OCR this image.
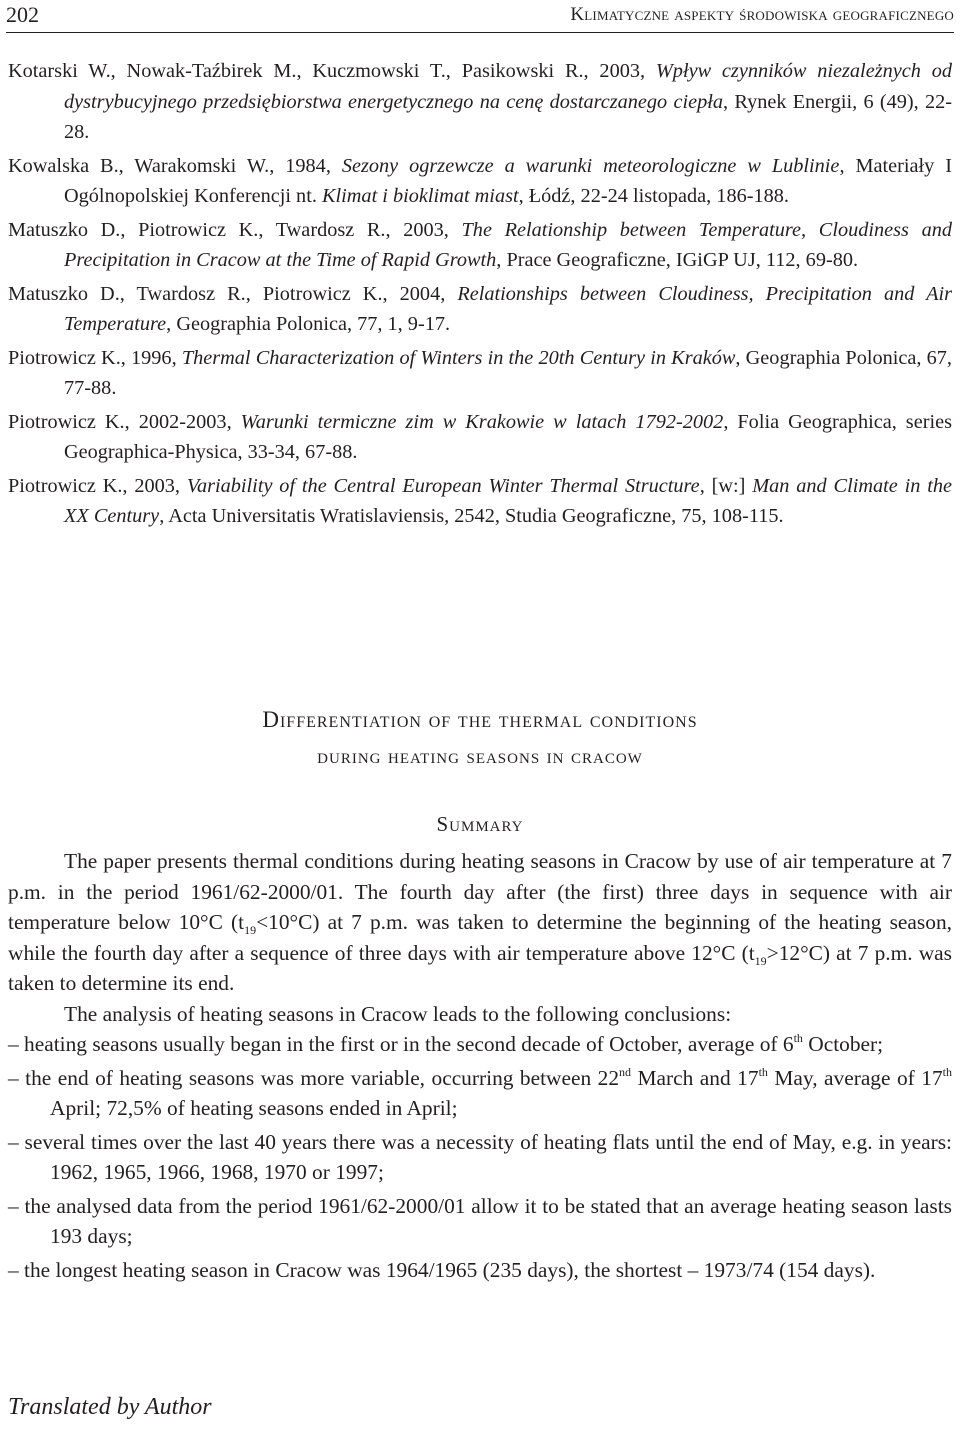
202	Klimatyczne aspekty środowiska geograficznego

Kotarski W., Nowak-Taźbirek M., Kuczmowski T., Pasikowski R., 2003, Wpływ czynników niezależnych od dystrybucyjnego przedsiębiorstwa energetycznego na cenę dostarczanego ciepła, Rynek Energii, 6 (49), 22-28.

Kowalska B., Warakomski W., 1984, Sezony ogrzewcze a warunki meteorologiczne w Lublinie, Materiały I Ogólnopolskiej Konferencji nt. Klimat i bioklimat miast, Łódź, 22-24 listopada, 186-188.

Matuszko D., Piotrowicz K., Twardosz R., 2003, The Relationship between Temperature, Cloudiness and Precipitation in Cracow at the Time of Rapid Growth, Prace Geograficzne, IGiGP UJ, 112, 69-80.

Matuszko D., Twardosz R., Piotrowicz K., 2004, Relationships between Cloudiness, Precipitation and Air Temperature, Geographia Polonica, 77, 1, 9-17.

Piotrowicz K., 1996, Thermal Characterization of Winters in the 20th Century in Kraków, Geographia Polonica, 67, 77-88.

Piotrowicz K., 2002-2003, Warunki termiczne zim w Krakowie w latach 1792-2002, Folia Geographica, series Geographica-Physica, 33-34, 67-88.

Piotrowicz K., 2003, Variability of the Central European Winter Thermal Structure, [w:] Man and Climate in the XX Century, Acta Universitatis Wratislaviensis, 2542, Studia Geograficzne, 75, 108-115.

Differentiation of the thermal conditions
during heating seasons in cracow
Summary

The paper presents thermal conditions during heating seasons in Cracow by use of air temperature at 7 p.m. in the period 1961/62-2000/01. The fourth day after (the first) three days in sequence with air temperature below 10°C $(t_{19}<10^\circ C)$ at 7 p.m. was taken to determine the beginning of the heating season, while the fourth day after a sequence of three days with air temperature above 12°C $(t_{19}>12^\circ C)$ at 7 p.m. was taken to determine its end.

The analysis of heating seasons in Cracow leads to the following conclusions:

– heating seasons usually began in the first or in the second decade of October, average of 6th October;

– the end of heating seasons was more variable, occurring between 22nd March and 17th May, average of 17th April; 72,5% of heating seasons ended in April;

– several times over the last 40 years there was a necessity of heating flats until the end of May, e.g. in years: 1962, 1965, 1966, 1968, 1970 or 1997;

– the analysed data from the period 1961/62-2000/01 allow it to be stated that an average heating season lasts 193 days;

– the longest heating season in Cracow was 1964/1965 (235 days), the shortest – 1973/74 (154 days).

Translated by Author
